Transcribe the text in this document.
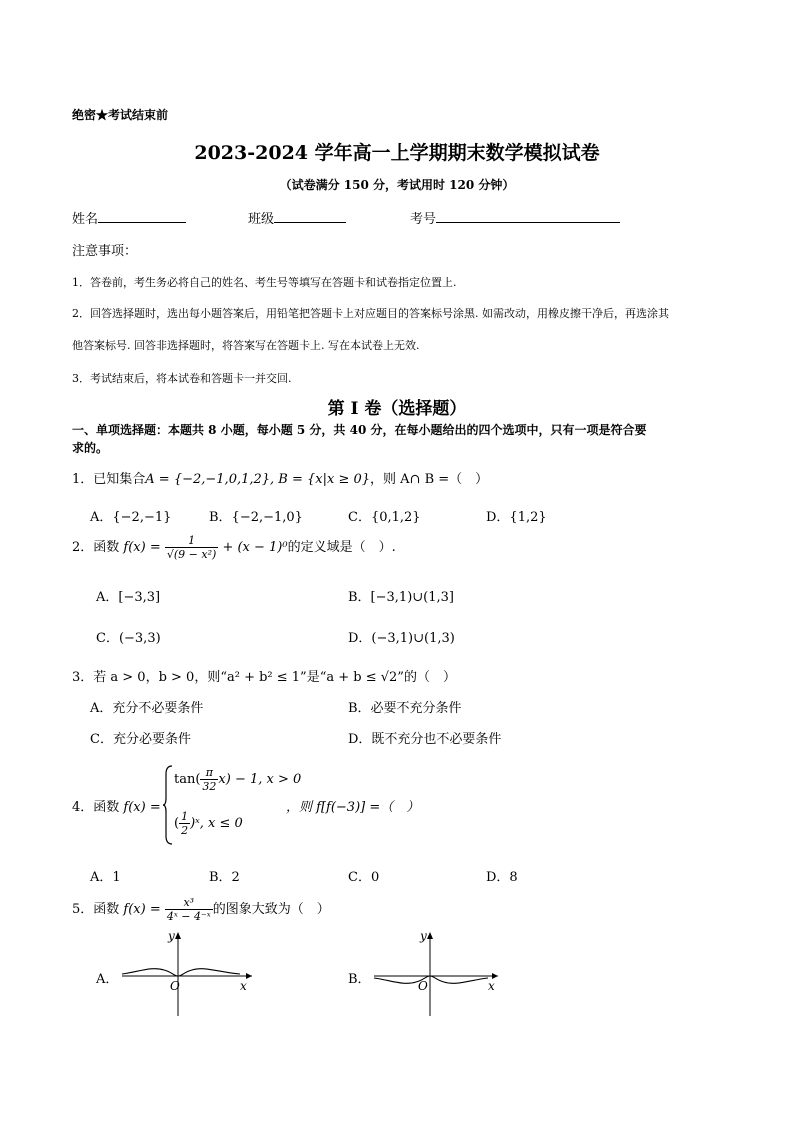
绝密★考试结束前
2023-2024 学年高一上学期期末数学模拟试卷
（试卷满分 150 分，考试用时 120 分钟）
姓名	班级	考号
注意事项：
1．答卷前，考生务必将自己的姓名、考生号等填写在答题卡和试卷指定位置上.
2．回答选择题时，选出每小题答案后，用铅笔把答题卡上对应题目的答案标号涂黑. 如需改动，用橡皮擦干净后，再选涂其
他答案标号. 回答非选择题时，将答案写在答题卡上. 写在本试卷上无效.
3．考试结束后，将本试卷和答题卡一并交回.
第 I 卷（选择题）
一、单项选择题：本题共 8 小题，每小题 5 分，共 40 分，在每小题给出的四个选项中，只有一项是符合要
求的。
1．已知集合A = {−2,−1,0,1,2}, B = {x|x ≥ 0}，则 A∩ B =（　）
A．{−2,−1}	B．{−2,−1,0}	C．{0,1,2}	D．{1,2}
2．函数 $f(x) = \frac{1}{\text{√(9 − x²)}} + (x - 1)^0$的定义域是（　）.
A．[−3,3]	B．[−3,1)∪(1,3]
C．(−3,3)	D．(−3,1)∪(1,3)
3．若 a > 0，b > 0，则“a² + b² ≤ 1”是“a + b ≤ √2”的（　）
A．充分不必要条件	B．必要不充分条件
C．充分必要条件	D．既不充分也不必要条件
4．函数 f(x) =
$\tan( \frac{\pi}{32} x) - 1$, x > 0
( $\frac{1}{2}$ )ˣ, x ≤ 0
，则 f[f(−3)] =（　）
A．1	B．2	C．0	D．8
5．函数 $f(x) = \frac{\text{x³}}{\text{4ˣ − 4⁻ˣ}}$ 的图象大致为（　）
A．	O
y
x	B．	O
y
x
